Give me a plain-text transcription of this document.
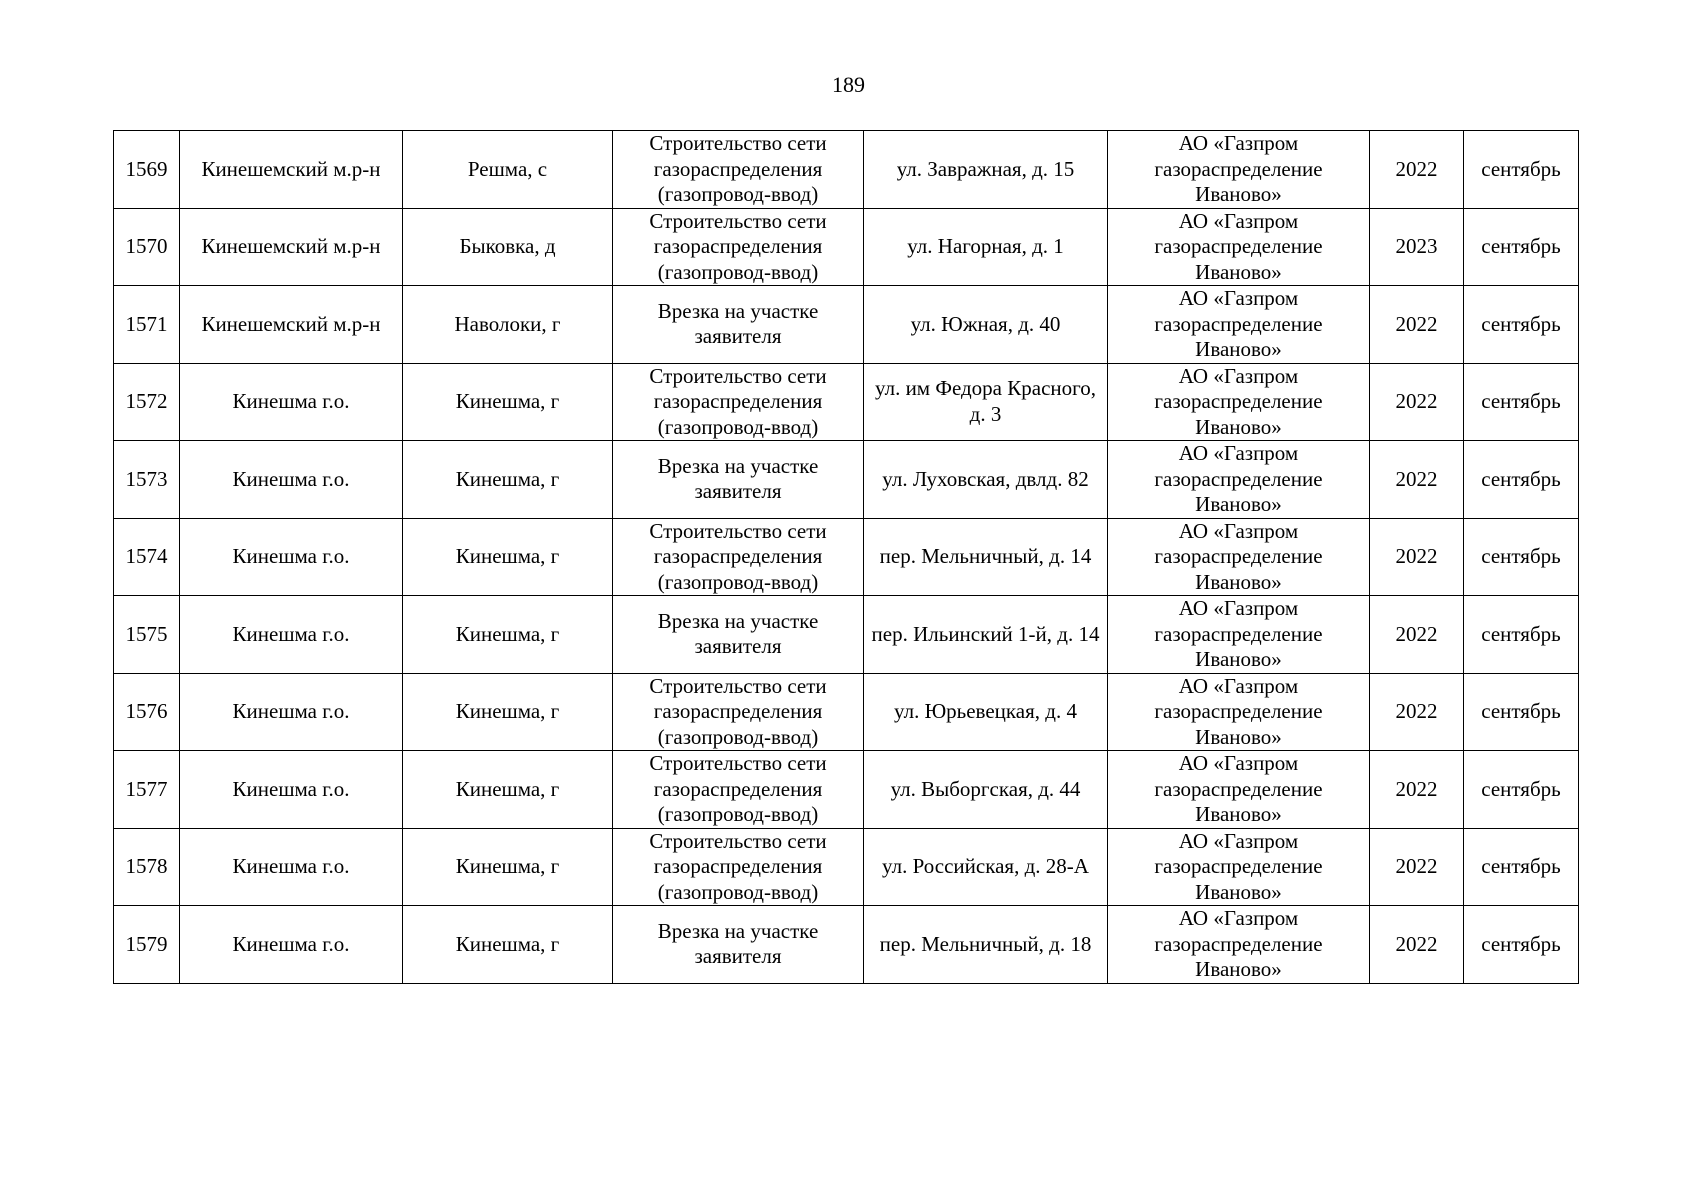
189
1569	Кинешемский м.р-н	Решма, с	Строительство сети газораспределения (газопровод-ввод)	ул. Завражная, д. 15	АО «Газпром газораспределение Иваново»	2022	сентябрь
1570	Кинешемский м.р-н	Быковка, д	Строительство сети газораспределения (газопровод-ввод)	ул. Нагорная, д. 1	АО «Газпром газораспределение Иваново»	2023	сентябрь
1571	Кинешемский м.р-н	Наволоки, г	Врезка на участке заявителя	ул. Южная, д. 40	АО «Газпром газораспределение Иваново»	2022	сентябрь
1572	Кинешма г.о.	Кинешма, г	Строительство сети газораспределения (газопровод-ввод)	ул. им Федора Красного, д. 3	АО «Газпром газораспределение Иваново»	2022	сентябрь
1573	Кинешма г.о.	Кинешма, г	Врезка на участке заявителя	ул. Луховская, двлд. 82	АО «Газпром газораспределение Иваново»	2022	сентябрь
1574	Кинешма г.о.	Кинешма, г	Строительство сети газораспределения (газопровод-ввод)	пер. Мельничный, д. 14	АО «Газпром газораспределение Иваново»	2022	сентябрь
1575	Кинешма г.о.	Кинешма, г	Врезка на участке заявителя	пер. Ильинский 1-й, д. 14	АО «Газпром газораспределение Иваново»	2022	сентябрь
1576	Кинешма г.о.	Кинешма, г	Строительство сети газораспределения (газопровод-ввод)	ул. Юрьевецкая, д. 4	АО «Газпром газораспределение Иваново»	2022	сентябрь
1577	Кинешма г.о.	Кинешма, г	Строительство сети газораспределения (газопровод-ввод)	ул. Выборгская, д. 44	АО «Газпром газораспределение Иваново»	2022	сентябрь
1578	Кинешма г.о.	Кинешма, г	Строительство сети газораспределения (газопровод-ввод)	ул. Российская, д. 28-А	АО «Газпром газораспределение Иваново»	2022	сентябрь
1579	Кинешма г.о.	Кинешма, г	Врезка на участке заявителя	пер. Мельничный, д. 18	АО «Газпром газораспределение Иваново»	2022	сентябрь
